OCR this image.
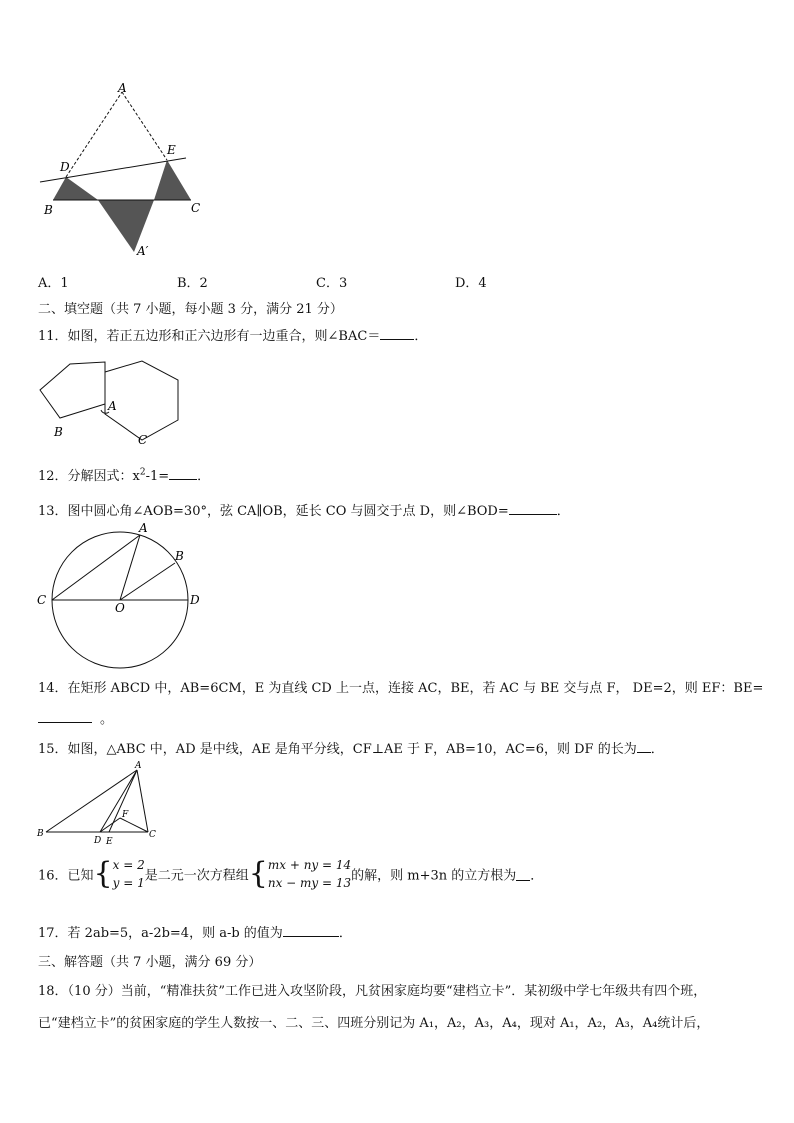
A
D
E
B	C
A′
A．1	B．2	C．3	D．4
二、填空题（共 7 小题，每小题 3 分，满分 21 分）
11．如图，若正五边形和正六边形有一边重合，则∠BAC＝	．
A
B
C
12．分解因式：$x^2-1=$ ．
13．图中圆心角∠AOB=30°，弦 CA∥OB，延长 CO 与圆交于点 D，则∠BOD=	．
A
B
C
O
D
14．在矩形 ABCD 中，AB=6CM，E 为直线 CD 上一点，连接 AC，BE，若 AC 与 BE 交与点 F， DE=2，则 EF：BE=
。
15．如图，△ABC 中，AD 是中线，AE 是角平分线，CF⊥AE 于 F，AB=10，AC=6，则 DF 的长为 ．
A
B
D E
F
C
16．已知{x = 2
y = 1是二元一次方程组{mx + ny = 14
nx − my = 13的解，则 m+3n 的立方根为 ．
17．若 2ab=5，a-2b=4，则 a-b 的值为	．
三、解答题（共 7 小题，满分 69 分）
18．（10 分）当前，“精准扶贫”工作已进入攻坚阶段，凡贫困家庭均要“建档立卡”．某初级中学七年级共有四个班，
已“建档立卡”的贫困家庭的学生人数按一、二、三、四班分别记为 A₁，A₂，A₃，A₄，现对 A₁，A₂，A₃，A₄统计后，
